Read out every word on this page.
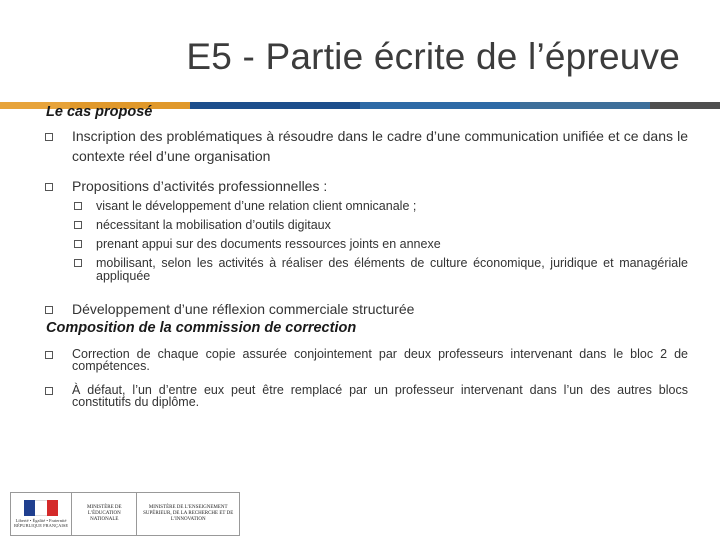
E5 - Partie écrite de l’épreuve
Le cas proposé
Inscription des problématiques à résoudre dans le cadre d’une communication unifiée et ce dans le contexte réel d’une organisation
Propositions d’activités professionnelles :
visant le développement d’une relation client omnicanale ;
nécessitant la mobilisation d’outils digitaux
prenant appui sur des documents ressources joints en annexe
mobilisant, selon les activités à réaliser des éléments de culture économique, juridique et managériale appliquée
Développement d’une réflexion commerciale structurée
Composition de la commission de correction
Correction de chaque copie assurée conjointement par deux professeurs intervenant dans le bloc 2 de compétences.
À défaut, l’un d’entre eux peut être remplacé par un professeur intervenant dans l’un des autres blocs constitutifs du diplôme.
Liberté • Égalité • Fraternité RÉPUBLIQUE FRANÇAISE
MINISTÈRE DE L’ÉDUCATION NATIONALE
MINISTÈRE DE L’ENSEIGNEMENT SUPÉRIEUR, DE LA RECHERCHE ET DE L’INNOVATION
